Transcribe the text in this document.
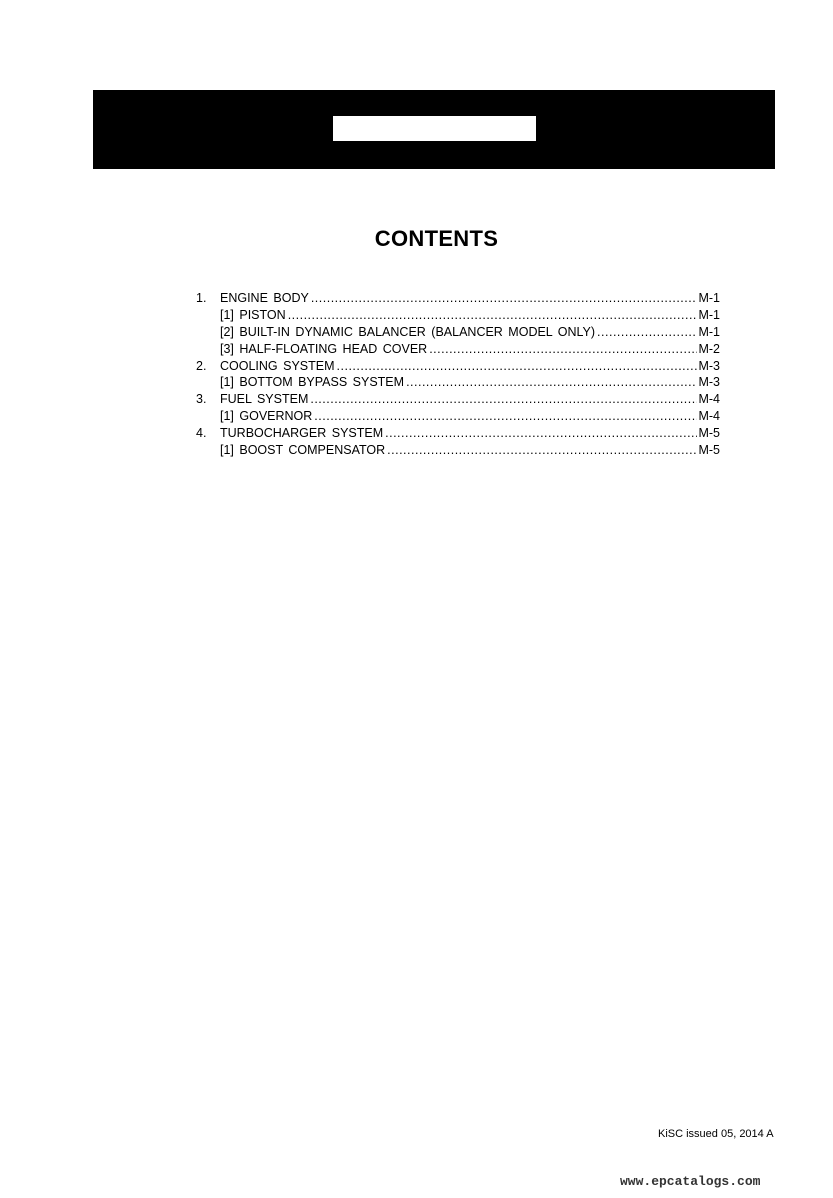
CONTENTS
1.	ENGINE BODY .....	M-1
[1] PISTON .....	M-1
[2] BUILT-IN DYNAMIC BALANCER (BALANCER MODEL ONLY) .....	M-1
[3] HALF-FLOATING HEAD COVER .....	M-2
2.	COOLING SYSTEM .....	M-3
[1] BOTTOM BYPASS SYSTEM .....	M-3
3.	FUEL SYSTEM .....	M-4
[1] GOVERNOR .....	M-4
4.	TURBOCHARGER SYSTEM .....	M-5
[1] BOOST COMPENSATOR .....	M-5
KiSC issued 05, 2014 A
www.epcatalogs.com
